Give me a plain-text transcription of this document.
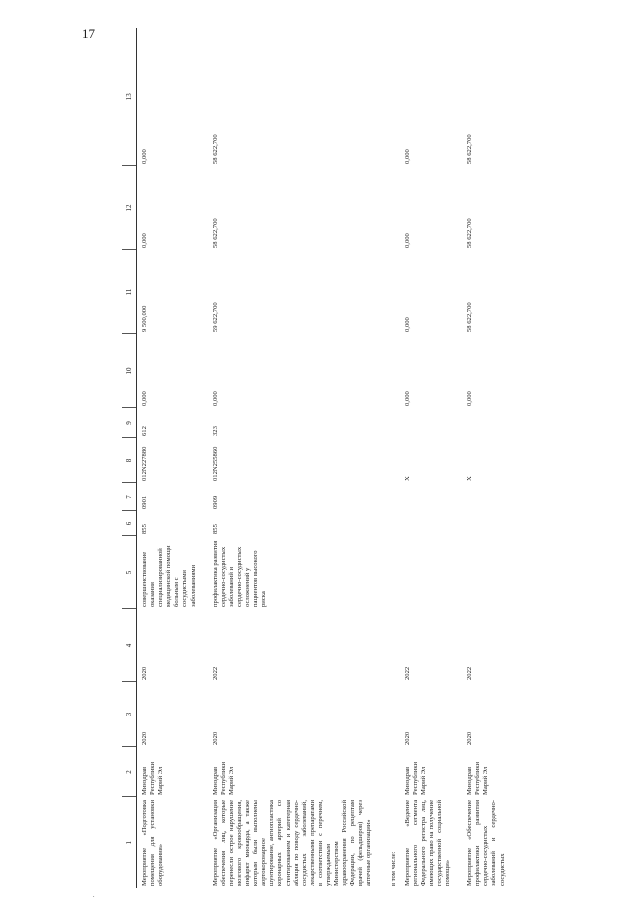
17
1	2	3	4	5	6	7	8	9	10	11	12	13
Мероприятие «Подготовка помещения для установки оборудования»	Минздрав Республики Марий Эл	2020	2020	совершенствование оказания специализированной медицинской помощи больным с сосудистыми заболеваниями	855	0901	012N227880	612	0,000	9 500,000	0,000	0,000
Мероприятие «Организация обеспечения лиц, которые перенесли острое нарушение мозгового кровообращения, инфаркт миокарда, а также которым были выполнены аортокоронарное шунтирование, ангиопластика коронарных артерий со стентированием и катетерная абляция по поводу сердечно-сосудистых заболеваний, лекарственными препаратами в соответствии с перечнем, утверждаемым Министерством здравоохранения Российской Федерации, по рецептам врачей (фельдшеров) через аптечные организации»	Минздрав Республики Марий Эл	2020	2022	профилактика развития сердечно-сосудистых заболеваний и сердечно-сосудистых осложнений у пациентов высокого риска	855	0909	012N255860	323	0,000	59 622,700	58 622,700	58 622,700
в том числе:												
Мероприятие «Ведение регионального сегмента Федерального регистра лиц, имеющих право на получение государственной социальной помощи»	Минздрав Республики Марий Эл	2020	2022				Х		0,000	0,000	0,000	0,000
Мероприятие «Обеспечение профилактики развития сердечно-сосудистых заболеваний и сердечно-сосудистых	Минздрав Республики Марий Эл	2020	2022				Х		0,000	58 622,700	58 622,700	58 622,700
.
